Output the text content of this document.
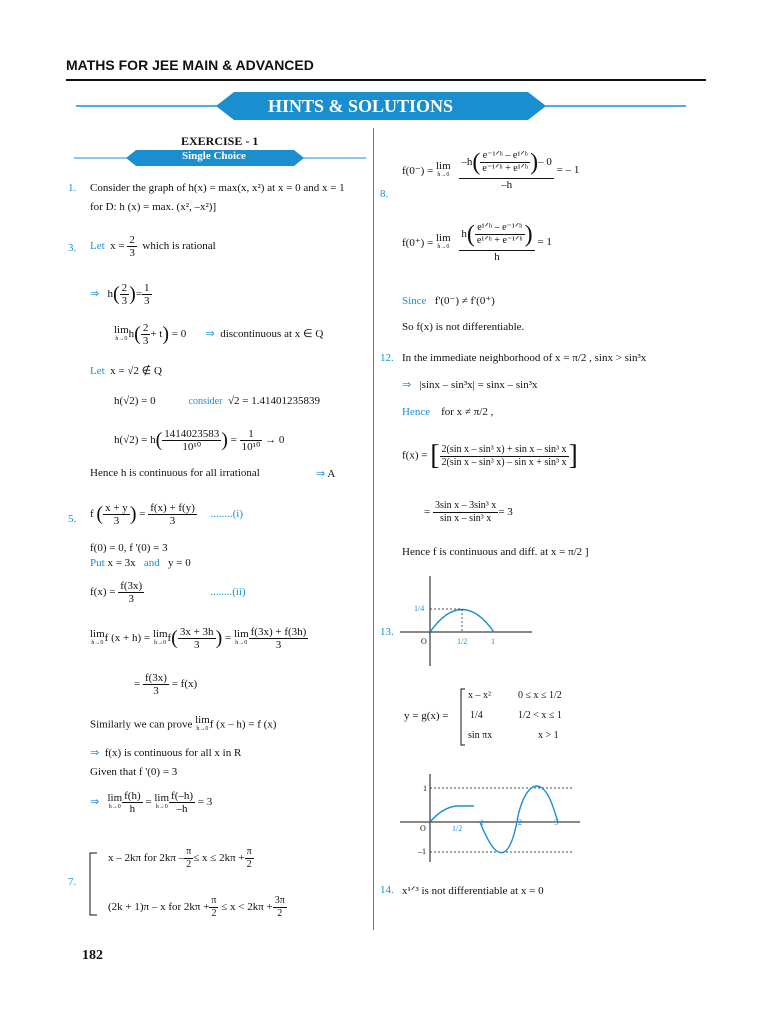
MATHS FOR JEE MAIN & ADVANCED
HINTS & SOLUTIONS
EXERCISE - 1
Single Choice
1. Consider the graph of h(x) = max(x, x²) at x = 0 and x = 1
for D: h (x) = max. (x², –x²)]
3. Let $x = \frac{2}{3}$ which is rational
⇒ $h( \frac{2}{3}$ )= $\frac{1}{3}$
lim
h→0 $h( \frac{2}{3} + t) = 0$ ⇒ discontinuous at x ∈ Q
Let x = √2 ∉ Q
h(√2) = 0	consider √2 = 1.41401235839
$h(√2) = h( \frac{1414023583}{\text{10¹⁰}}$ ) = $\frac{1}{\text{10¹⁰}} \to 0$
Hence h is continuous for all irrational	⇒ A
5. f ( $\frac{x + y}{3}$ ) = $\frac{f(x) + f(y)}{3} ........(i)$
f(0) = 0, f '(0) = 3
Put x = 3x and y = 0
$f(x) = \frac{f(3x)}{3}$	........(ii)
lim
h→0 f (x + h) = lim
h→0 $f( \frac{3x + 3h}{3}$ ) = lim
$h\to 0 \frac{f(3x) + f(3h)}{3}$
= $\frac{f(3x)}{3} = f(x)$
Similarly we can prove lim
h→0 f (x – h) = f (x)
⇒ f(x) is continuous for all x in R
Given that f '(0) = 3
⇒ lim
$h\to 0 \frac{f(h)}{h} = \lim$
$h\to 0 \frac{f(-h)}{-h} = 3$
7.
x – 2kπ for $2k\pi - \frac{\pi}{2} \le x \le 2k\pi + \frac{\pi}{2}$
(2k + 1)π – x for $2k\pi + \frac{\pi}{2} \le x < 2k\pi + \frac{3\pi}{2}$
182
8.
f(0⁻) = lim
h→0
$\frac{-h( \frac{\text{e⁻¹ᐟʰ – e¹ᐟʰ}}{\text{e⁻¹ᐟʰ + e¹ᐟʰ}} )- 0}{-h}$ = – 1
f(0⁺) = lim
h→0
$\frac{h( \frac{\text{e¹ᐟʰ – e⁻¹ᐟʰ}}{\text{e¹ᐟʰ + e⁻¹ᐟʰ}} )}{h} = 1$
Since f'(0⁻) ≠ f'(0⁺)
So f(x) is not differentiable.
12. In the immediate neighborhood of x = π/2 , sinx > sin³x
⇒ |sinx – sin³x| = sinx – sin³x
Hence for x ≠ π/2 ,
f(x) = [ $\frac{\text{2(sin x – sin³ x) + sin x – sin³ x}}{\text{2(sin x – sin³ x) – sin x + sin³ x}}$ ]
= $\frac{\text{3sin x – 3sin³ x}}{\text{sin x – sin³ x}} = 3$
Hence f is continuous and diff. at x = π/2 ]
13.
1/4
O	1/2	1
y = g(x) =
x – x²	0 ≤ x ≤ 1/2
1/4	1/2 < x ≤ 1
sin πx	x > 1
1
O	1/2
1	2	3
–1
14. x¹ᐟ³ is not differentiable at x = 0
